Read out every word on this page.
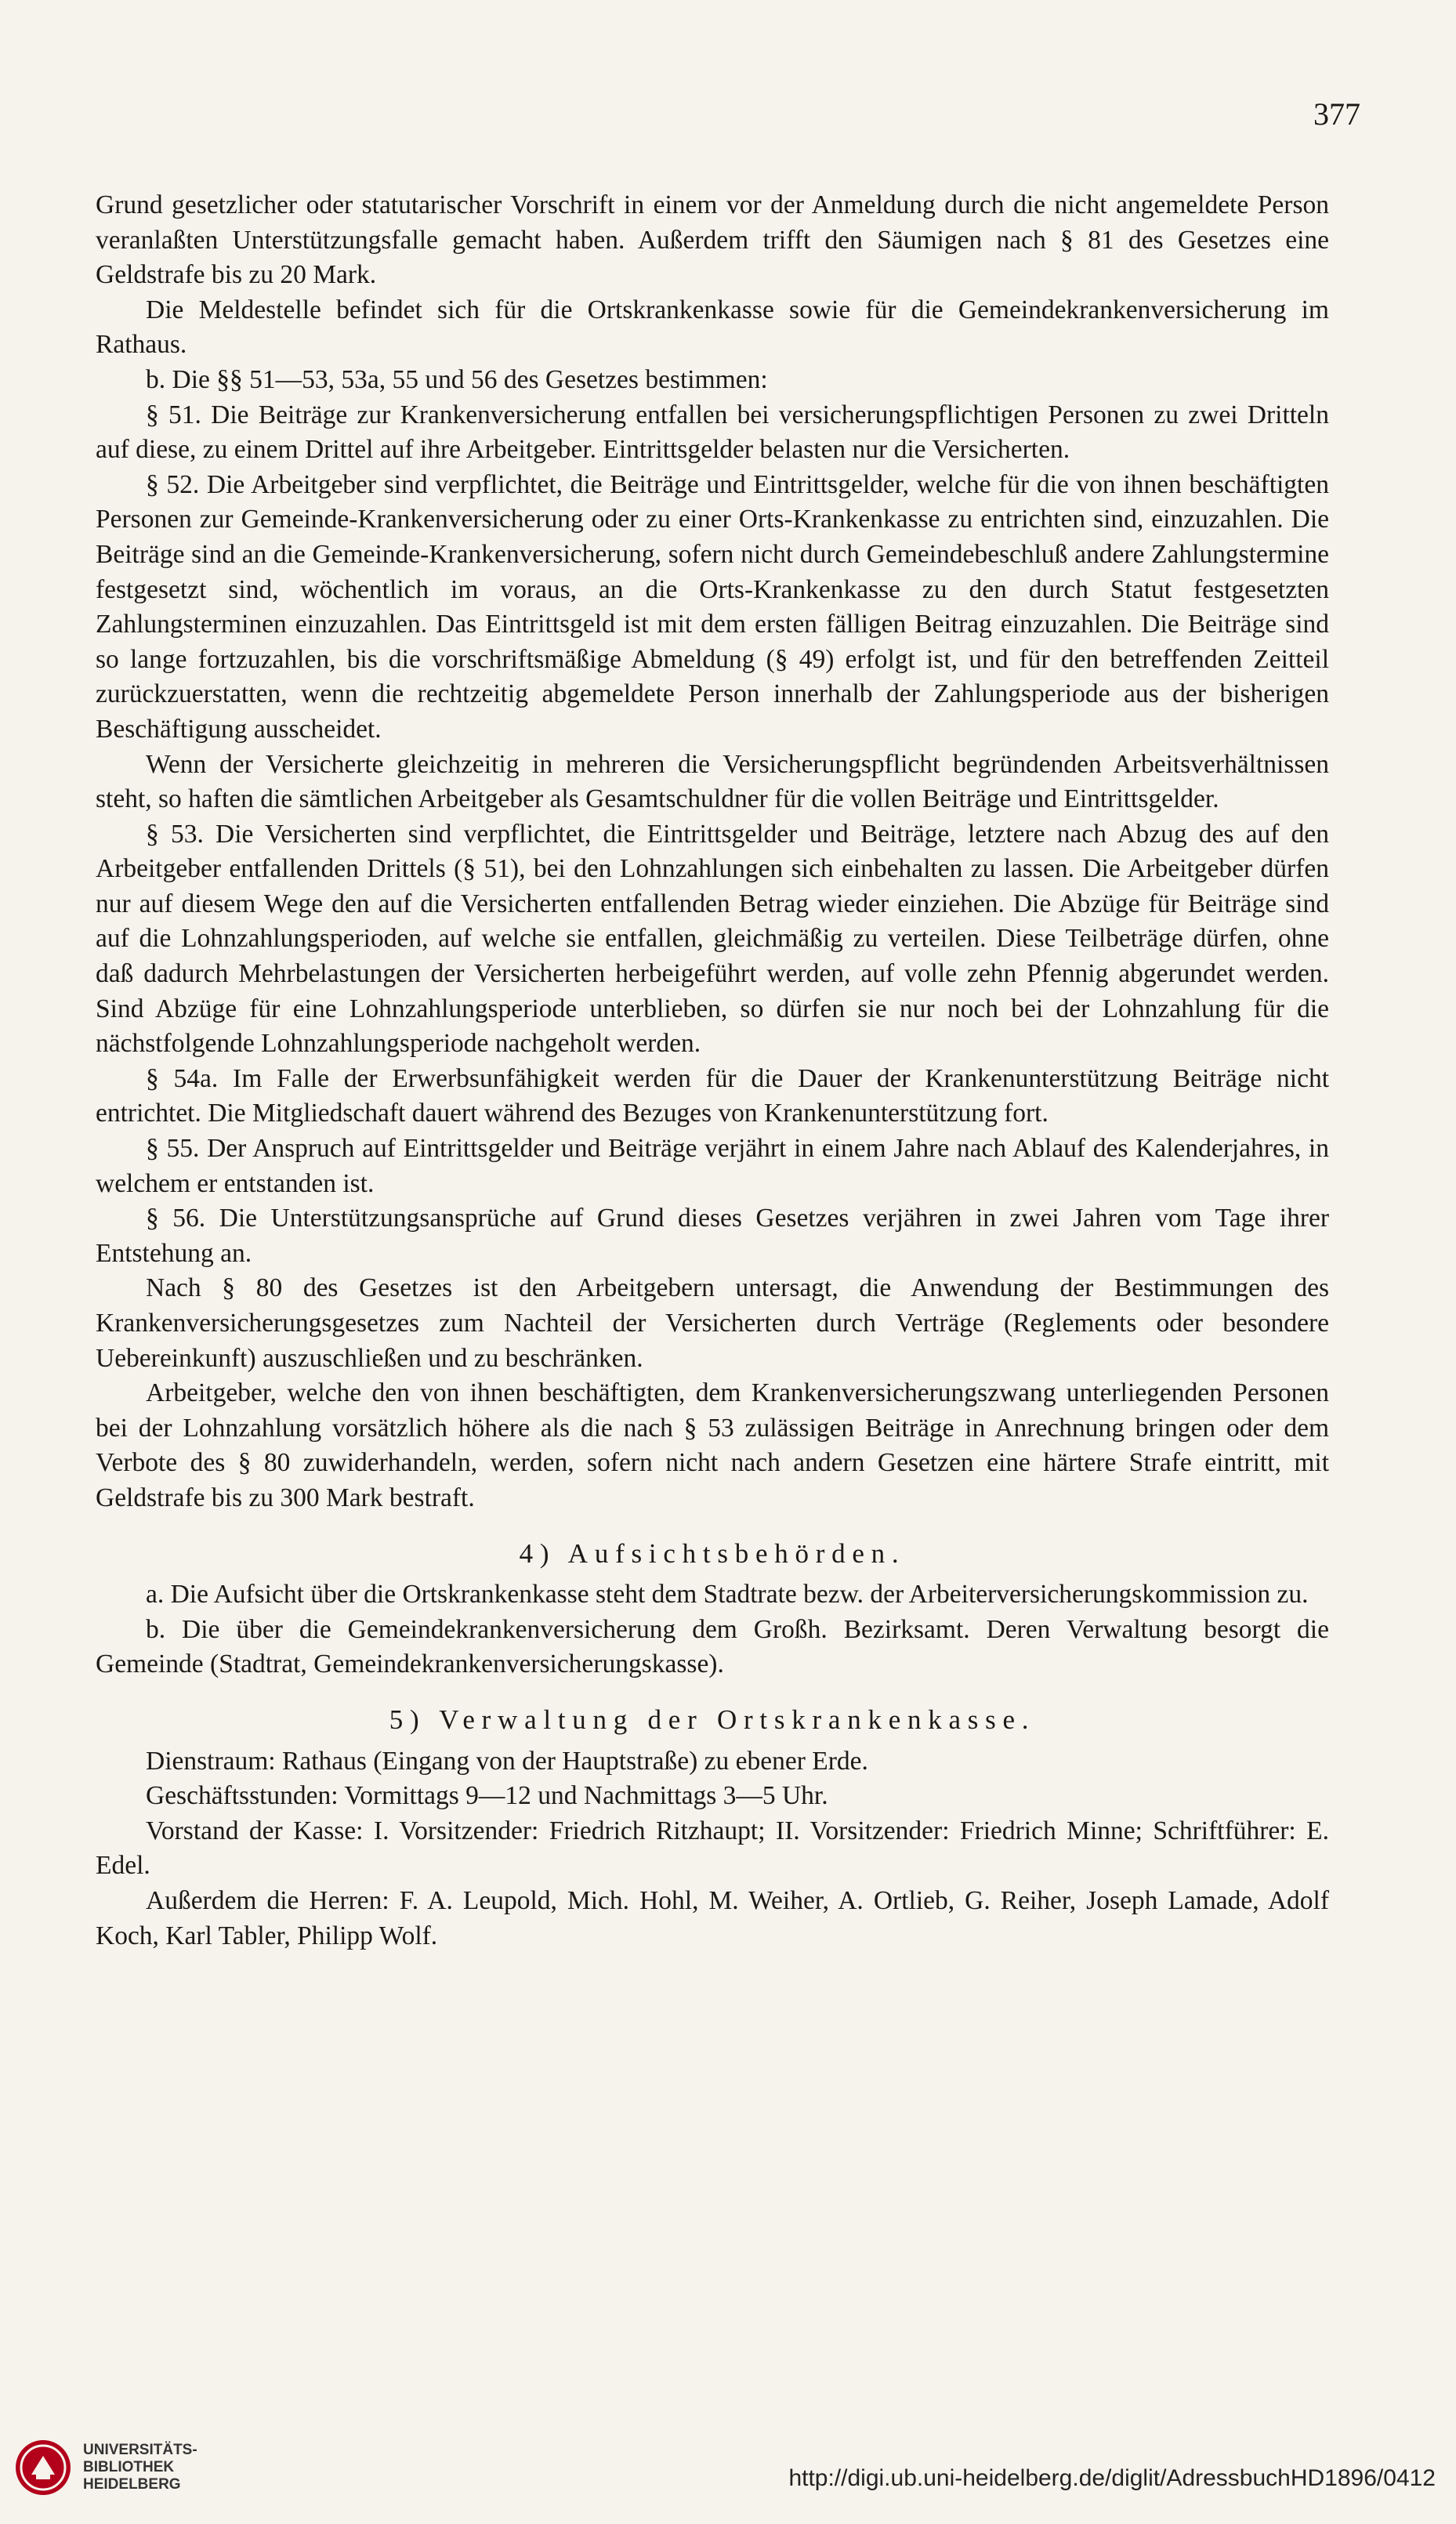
377

Grund gesetzlicher oder statutarischer Vorschrift in einem vor der Anmeldung durch die nicht angemeldete Person veranlaßten Unterstützungsfalle gemacht haben. Außerdem trifft den Säumigen nach § 81 des Gesetzes eine Geldstrafe bis zu 20 Mark.

Die Meldestelle befindet sich für die Ortskrankenkasse sowie für die Gemeindekrankenversicherung im Rathaus.

b. Die §§ 51—53, 53a, 55 und 56 des Gesetzes bestimmen:

§ 51. Die Beiträge zur Krankenversicherung entfallen bei versicherungspflichtigen Personen zu zwei Dritteln auf diese, zu einem Drittel auf ihre Arbeitgeber. Eintrittsgelder belasten nur die Versicherten.

§ 52. Die Arbeitgeber sind verpflichtet, die Beiträge und Eintrittsgelder, welche für die von ihnen beschäftigten Personen zur Gemeinde-Krankenversicherung oder zu einer Orts-Krankenkasse zu entrichten sind, einzuzahlen. Die Beiträge sind an die Gemeinde-Krankenversicherung, sofern nicht durch Gemeindebeschluß andere Zahlungstermine festgesetzt sind, wöchentlich im voraus, an die Orts-Krankenkasse zu den durch Statut festgesetzten Zahlungsterminen einzuzahlen. Das Eintrittsgeld ist mit dem ersten fälligen Beitrag einzuzahlen. Die Beiträge sind so lange fortzuzahlen, bis die vorschriftsmäßige Abmeldung (§ 49) erfolgt ist, und für den betreffenden Zeitteil zurückzuerstatten, wenn die rechtzeitig abgemeldete Person innerhalb der Zahlungsperiode aus der bisherigen Beschäftigung ausscheidet.

Wenn der Versicherte gleichzeitig in mehreren die Versicherungspflicht begründenden Arbeitsverhältnissen steht, so haften die sämtlichen Arbeitgeber als Gesamtschuldner für die vollen Beiträge und Eintrittsgelder.

§ 53. Die Versicherten sind verpflichtet, die Eintrittsgelder und Beiträge, letztere nach Abzug des auf den Arbeitgeber entfallenden Drittels (§ 51), bei den Lohnzahlungen sich einbehalten zu lassen. Die Arbeitgeber dürfen nur auf diesem Wege den auf die Versicherten entfallenden Betrag wieder einziehen. Die Abzüge für Beiträge sind auf die Lohnzahlungsperioden, auf welche sie entfallen, gleichmäßig zu verteilen. Diese Teilbeträge dürfen, ohne daß dadurch Mehrbelastungen der Versicherten herbeigeführt werden, auf volle zehn Pfennig abgerundet werden. Sind Abzüge für eine Lohnzahlungsperiode unterblieben, so dürfen sie nur noch bei der Lohnzahlung für die nächstfolgende Lohnzahlungsperiode nachgeholt werden.

§ 54a. Im Falle der Erwerbsunfähigkeit werden für die Dauer der Krankenunterstützung Beiträge nicht entrichtet. Die Mitgliedschaft dauert während des Bezuges von Krankenunterstützung fort.

§ 55. Der Anspruch auf Eintrittsgelder und Beiträge verjährt in einem Jahre nach Ablauf des Kalenderjahres, in welchem er entstanden ist.

§ 56. Die Unterstützungsansprüche auf Grund dieses Gesetzes verjähren in zwei Jahren vom Tage ihrer Entstehung an.

Nach § 80 des Gesetzes ist den Arbeitgebern untersagt, die Anwendung der Bestimmungen des Krankenversicherungsgesetzes zum Nachteil der Versicherten durch Verträge (Reglements oder besondere Uebereinkunft) auszuschließen und zu beschränken.

Arbeitgeber, welche den von ihnen beschäftigten, dem Krankenversicherungszwang unterliegenden Personen bei der Lohnzahlung vorsätzlich höhere als die nach § 53 zulässigen Beiträge in Anrechnung bringen oder dem Verbote des § 80 zuwiderhandeln, werden, sofern nicht nach andern Gesetzen eine härtere Strafe eintritt, mit Geldstrafe bis zu 300 Mark bestraft.

4) Aufsichtsbehörden.

a. Die Aufsicht über die Ortskrankenkasse steht dem Stadtrate bezw. der Arbeiterversicherungskommission zu.

b. Die über die Gemeindekrankenversicherung dem Großh. Bezirksamt. Deren Verwaltung besorgt die Gemeinde (Stadtrat, Gemeindekrankenversicherungskasse).

5) Verwaltung der Ortskrankenkasse.

Dienstraum: Rathaus (Eingang von der Hauptstraße) zu ebener Erde.

Geschäftsstunden: Vormittags 9—12 und Nachmittags 3—5 Uhr.

Vorstand der Kasse: I. Vorsitzender: Friedrich Ritzhaupt; II. Vorsitzender: Friedrich Minne; Schriftführer: E. Edel.

Außerdem die Herren: F. A. Leupold, Mich. Hohl, M. Weiher, A. Ortlieb, G. Reiher, Joseph Lamade, Adolf Koch, Karl Tabler, Philipp Wolf.

UNIVERSITÄTS-
BIBLIOTHEK
HEIDELBERG	http://digi.ub.uni-heidelberg.de/diglit/AdressbuchHD1896/0412
